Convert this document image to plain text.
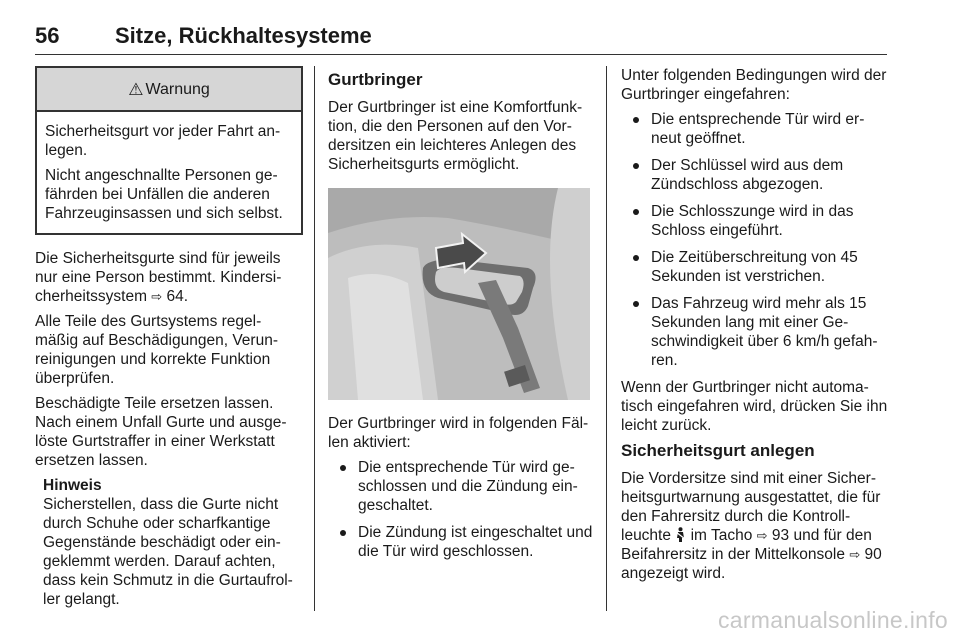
56	Sitze, Rückhaltesysteme
⚠ Warnung

Sicherheitsgurt vor jeder Fahrt an-legen.

Nicht angeschnallte Personen ge-fährden bei Unfällen die anderen Fahrzeuginsassen und sich selbst.

Die Sicherheitsgurte sind für jeweils nur eine Person bestimmt. Kindersi-cherheitssystem ⇨ 64.

Alle Teile des Gurtsystems regel-mäßig auf Beschädigungen, Verun-reinigungen und korrekte Funktion überprüfen.

Beschädigte Teile ersetzen lassen. Nach einem Unfall Gurte und ausge-löste Gurtstraffer in einer Werkstatt ersetzen lassen.

Hinweis
Sicherstellen, dass die Gurte nicht durch Schuhe oder scharfkantige Gegenstände beschädigt oder ein-geklemmt werden. Darauf achten, dass kein Schmutz in die Gurtaufrol-ler gelangt.
Gurtbringer

Der Gurtbringer ist eine Komfortfunk-tion, die den Personen auf den Vor-dersitzen ein leichteres Anlegen des Sicherheitsgurts ermöglicht.

Der Gurtbringer wird in folgenden Fäl-len aktiviert:

Die entsprechende Tür wird ge-schlossen und die Zündung ein-geschaltet.
Die Zündung ist eingeschaltet und die Tür wird geschlossen.

Unter folgenden Bedingungen wird der Gurtbringer eingefahren:

Die entsprechende Tür wird er-neut geöffnet.
Der Schlüssel wird aus dem Zündschloss abgezogen.
Die Schlosszunge wird in das Schloss eingeführt.
Die Zeitüberschreitung von 45 Sekunden ist verstrichen.
Das Fahrzeug wird mehr als 15 Sekunden lang mit einer Ge-schwindigkeit über 6 km/h gefah-ren.

Wenn der Gurtbringer nicht automa-tisch eingefahren wird, drücken Sie ihn leicht zurück.

Sicherheitsgurt anlegen

Die Vordersitze sind mit einer Sicher-heitsgurtwarnung ausgestattet, die für den Fahrersitz durch die Kontroll-leuchte im Tacho ⇨ 93 und für den Beifahrersitz in der Mittelkonsole ⇨ 90 angezeigt wird.

carmanualsonline.info
